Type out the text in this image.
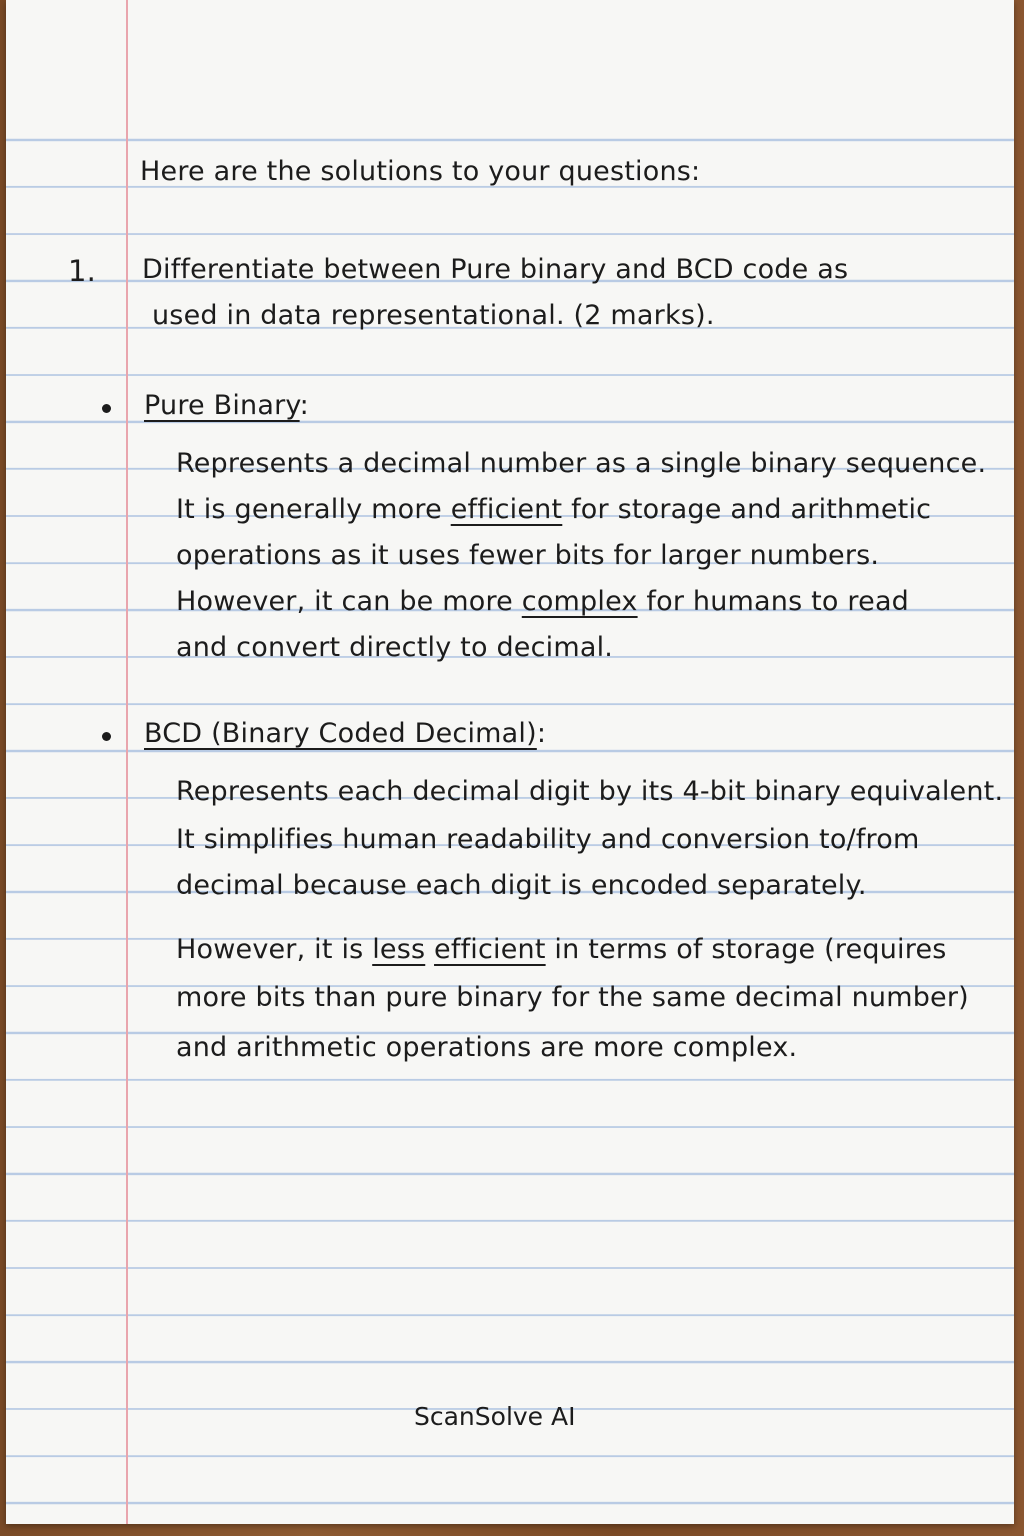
Here are the solutions to your questions:
1. Differentiate between Pure binary and BCD code as
used in data representational. (2 marks).
Pure Binary:
Represents a decimal number as a single binary sequence.
It is generally more efficient for storage and arithmetic
operations as it uses fewer bits for larger numbers.
However, it can be more complex for humans to read
and convert directly to decimal.
BCD (Binary Coded Decimal):
Represents each decimal digit by its 4-bit binary equivalent.
It simplifies human readability and conversion to/from
decimal because each digit is encoded separately.
However, it is less efficient in terms of storage (requires
more bits than pure binary for the same decimal number)
and arithmetic operations are more complex.
ScanSolve AI
